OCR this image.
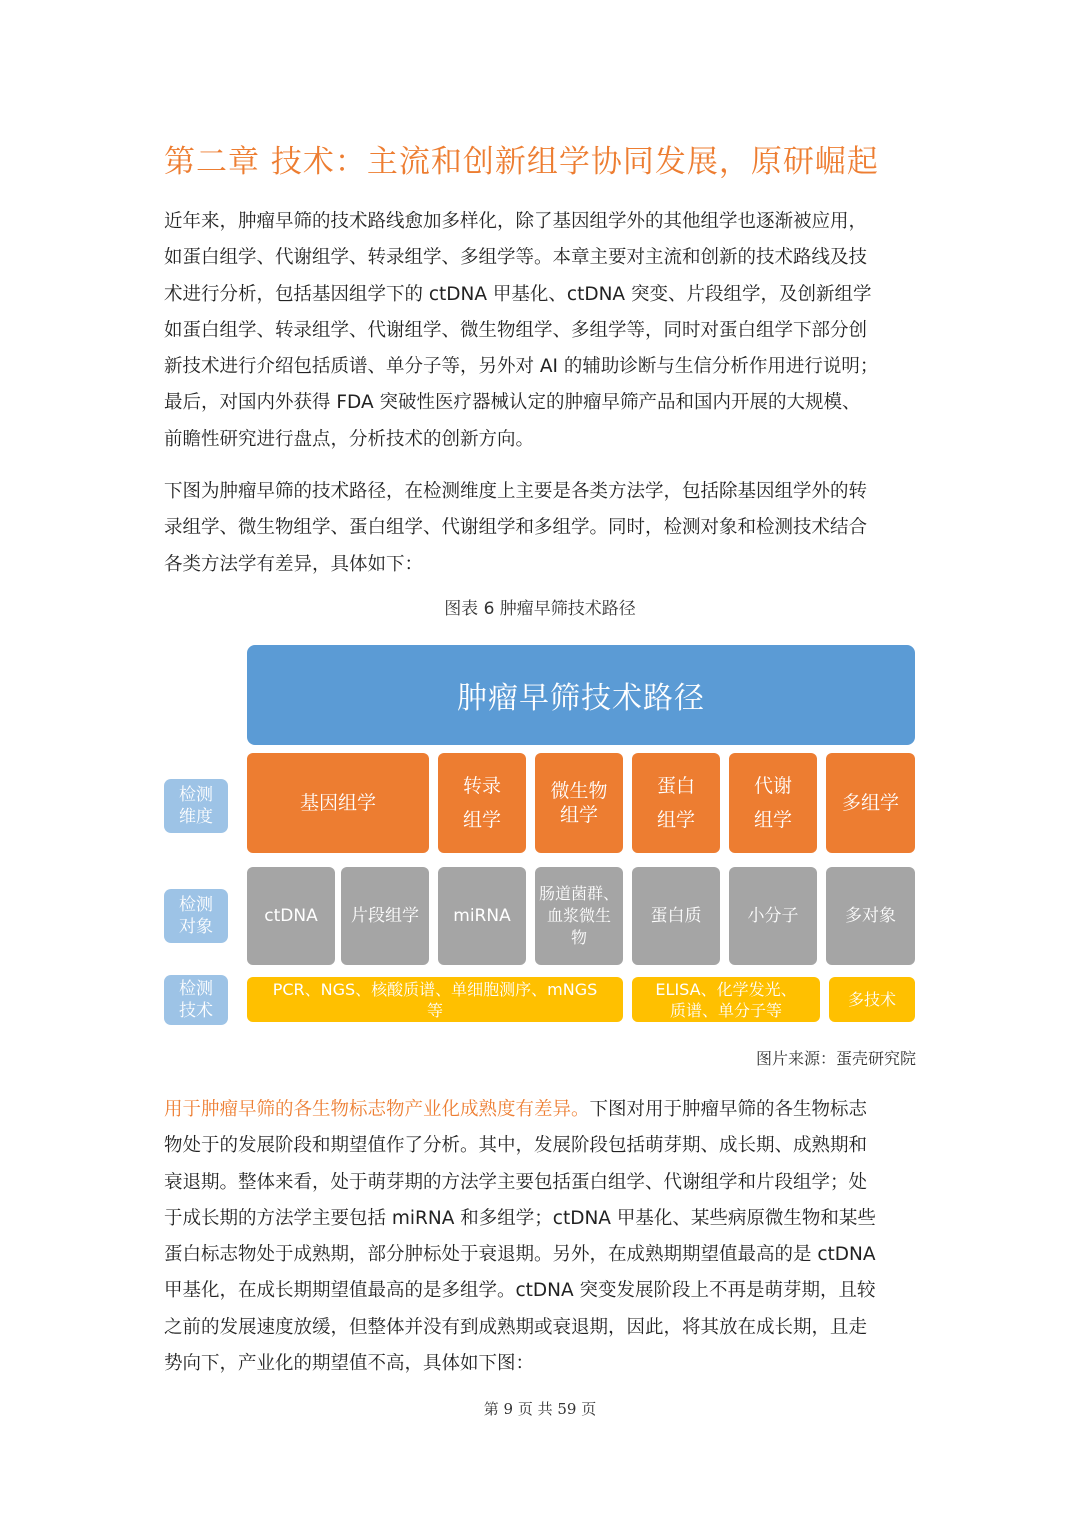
第二章 技术：主流和创新组学协同发展，原研崛起

近年来，肿瘤早筛的技术路线愈加多样化，除了基因组学外的其他组学也逐渐被应用，
如蛋白组学、代谢组学、转录组学、多组学等。本章主要对主流和创新的技术路线及技
术进行分析，包括基因组学下的 ctDNA 甲基化、ctDNA 突变、片段组学，及创新组学
如蛋白组学、转录组学、代谢组学、微生物组学、多组学等，同时对蛋白组学下部分创
新技术进行介绍包括质谱、单分子等，另外对 AI 的辅助诊断与生信分析作用进行说明；
最后，对国内外获得 FDA 突破性医疗器械认定的肿瘤早筛产品和国内开展的大规模、
前瞻性研究进行盘点，分析技术的创新方向。

下图为肿瘤早筛的技术路径，在检测维度上主要是各类方法学，包括除基因组学外的转
录组学、微生物组学、蛋白组学、代谢组学和多组学。同时，检测对象和检测技术结合
各类方法学有差异，具体如下：

图表 6 肿瘤早筛技术路径
肿瘤早筛技术路径
检测
维度
检测
对象
检测
技术
基因组学
转录
组学
微生物
组学
蛋白
组学
代谢
组学
多组学
ctDNA 片段组学 miRNA
肠道菌群、
血浆微生
物
蛋白质	小分子	多对象
PCR、NGS、核酸质谱、单细胞测序、mNGS
等
ELISA、化学发光、
质谱、单分子等
多技术
图片来源：蛋壳研究院

用于肿瘤早筛的各生物标志物产业化成熟度有差异。下图对用于肿瘤早筛的各生物标志
物处于的发展阶段和期望值作了分析。其中，发展阶段包括萌芽期、成长期、成熟期和
衰退期。整体来看，处于萌芽期的方法学主要包括蛋白组学、代谢组学和片段组学；处
于成长期的方法学主要包括 miRNA 和多组学；ctDNA 甲基化、某些病原微生物和某些
蛋白标志物处于成熟期，部分肿标处于衰退期。另外，在成熟期期望值最高的是 ctDNA
甲基化，在成长期期望值最高的是多组学。ctDNA 突变发展阶段上不再是萌芽期，且较
之前的发展速度放缓，但整体并没有到成熟期或衰退期，因此，将其放在成长期，且走
势向下，产业化的期望值不高，具体如下图：

第 9 页 共 59 页
